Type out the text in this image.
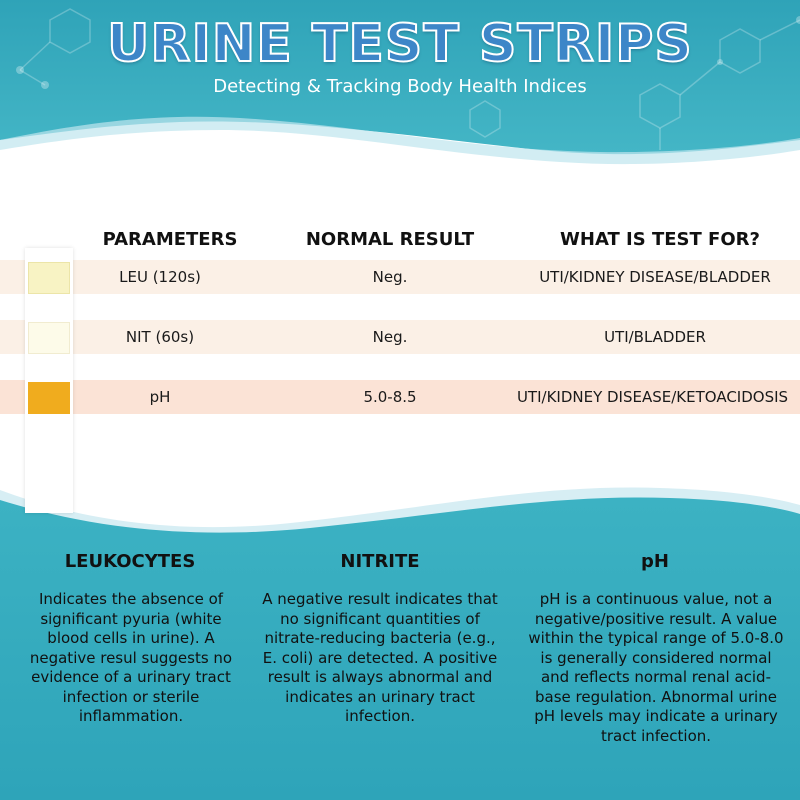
URINE TEST STRIPS
Detecting & Tracking Body Health Indices
PARAMETERS	NORMAL RESULT	WHAT IS TEST FOR?
LEU (120s)	Neg.	UTI/KIDNEY DISEASE/BLADDER
NIT (60s)	Neg.	UTI/BLADDER
pH	5.0-8.5	UTI/KIDNEY DISEASE/KETOACIDOSIS
LEUKOCYTES
Indicates the absence of significant pyuria (white blood cells in urine). A negative resul suggests no evidence of a urinary tract infection or sterile inflammation.
NITRITE
A negative result indicates that no significant quantities of nitrate-reducing bacteria (e.g., E. coli) are detected. A positive result is always abnormal and indicates an urinary tract infection.
pH
pH is a continuous value, not a negative/positive result. A value within the typical range of 5.0-8.0 is generally considered normal and reflects normal renal acid-base regulation. Abnormal urine pH levels may indicate a urinary tract infection.
